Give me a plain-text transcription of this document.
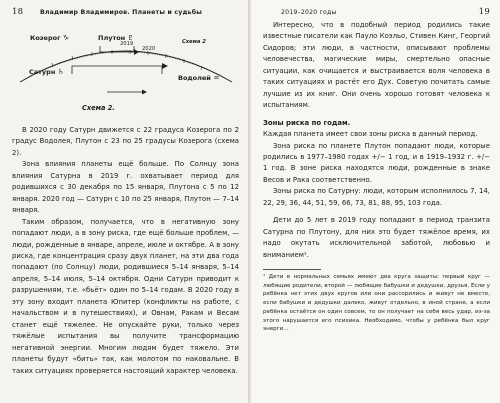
18	Владимир Владимиров. Планеты и судьбы
Козерог ♑	Плутон ♇
2019
2020
Схема 2
Сатурн ♄
Водолей ♒
Схема 2.

В 2020 году Сатурн движется с 22 градуса Козерога по 2 градус Водолея, Плутон с 23 по 25 градусы Козерога (схема 2).

Зона влияния планеты ещё больше. По Солнцу зона влияния Сатурна в 2019 г. охватывает период для родившихся с 30 декабря по 15 января, Плутона с 5 по 12 января. 2020 год — Сатурн с 10 по 25 января, Плутон — 7–14 января.

Таким образом, получается, что в негативную зону попадают люди, а в зону риска, где ещё больше проблем, — люди, рожденные в январе, апреле, июле и октябре. А в зону риска, где концентрация сразу двух планет, на эти два года попадают (по Солнцу) люди, родившиеся 5–14 января, 5–14 апреля, 5–14 июля, 5–14 октября. Одни Сатурн приводит к разрушениям, т.е. «бьёт» один по 5–14 годам. В 2020 году в эту зону входит планета Юпитер (конфликты на работе, с начальством и в путешествиях), и Овнам, Ракам и Весам станет ещё тяжелее. Не опускайте руки, только через тяжёлые испытания вы получите трансформацию негативной энергии. Многим людям будет тяжело. Эти планеты будут «бить» так, как молотом по наковальне. В таких ситуациях проверяется настоящий характер человека.

2019–2020 годы	19

Интересно, что в подобный период родились такие известные писатели как Пауло Коэльо, Стивен Кинг, Георгий Сидоров; эти люди, в частности, описывают проблемы человечества, магические миры, смертельно опасные ситуации, как очищается и выстраивается воля человека в таких ситуациях и растёт его Дух. Советую почитать самые лучшие из их книг. Они очень хорошо готовят человека к испытаниям.

Зоны риска по годам.

Каждая планета имеет свои зоны риска в данный период.

Зона риска по планете Плутон попадают люди, которые родились в 1977–1980 годах +/− 1 год, и в 1919–1932 г. +/− 1 год. В зоне риска находятся люди, рожденные в знаке Весов и Рака соответственно.

Зоны риска по Сатурну: люди, которым исполнилось 7, 14, 22, 29, 36, 44, 51, 59, 66, 73, 81, 88, 95, 103 года.

Дети до 5 лет в 2019 году попадают в период транзита Сатурна по Плутону, для них это будет тяжёлое время, их надо окутать исключительной заботой, любовью и вниманием¹.

¹ Дети в нормальных семьях имеют два круга защиты: первый круг — любящие родители, второй — любящие бабушки и дедушки, друзья. Если у ребёнка нет этих двух кругов или они рассорились и живут не вместе, если бабушки и дедушки далеко, живут отдельно, в иной стране, а если ребёнка остаётся он один совсем, то он получает на себя весь удар, из-за этого нарушается его психика. Необходимо, чтобы у ребёнка был круг энерги...
